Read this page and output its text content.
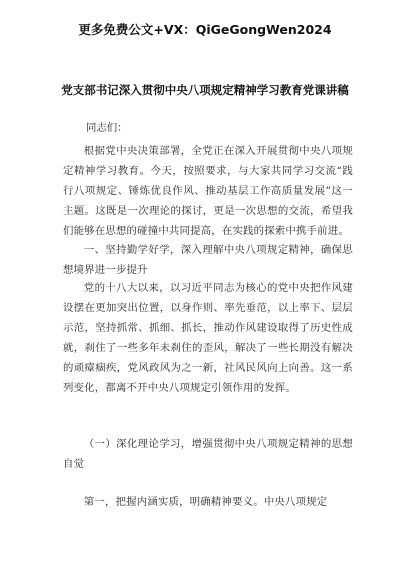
更多免费公文+VX：QiGeGongWen2024
党支部书记深入贯彻中央八项规定精神学习教育党课讲稿
同志们：
根据党中央决策部署，全党正在深入开展贯彻中央八项规定精神学习教育。今天，按照要求，与大家共同学习交流“践行八项规定、锤炼优良作风、推动基层工作高质量发展”这一主题。这既是一次理论的探讨，更是一次思想的交流，希望我们能够在思想的碰撞中共同提高，在实践的探索中携手前进。
一、坚持勤学好学，深入理解中央八项规定精神，确保思想境界进一步提升
党的十八大以来，以习近平同志为核心的党中央把作风建设摆在更加突出位置，以身作则、率先垂范，以上率下、层层示范，坚持抓常、抓细、抓长，推动作风建设取得了历史性成就，刹住了一些多年未刹住的歪风，解决了一些长期没有解决的顽瘴痼疾，党风政风为之一新，社风民风向上向善。这一系列变化，都离不开中央八项规定引领作用的发挥。
（一）深化理论学习，增强贯彻中央八项规定精神的思想自觉
第一，把握内涵实质，明确精神要义。中央八项规定
